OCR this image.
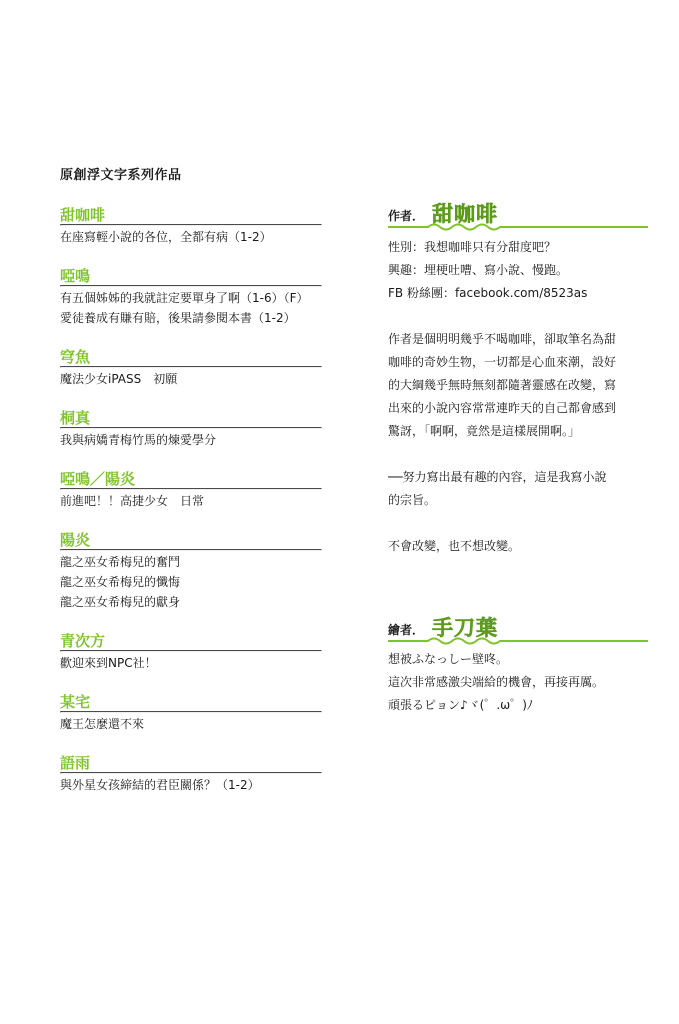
原創浮文字系列作品
甜咖啡
在座寫輕小說的各位，全都有病（1-2）
啞鳴
有五個姊姊的我就註定要單身了啊（1-6）（F）
愛徒養成有賺有賠，後果請參閱本書（1-2）
穹魚
魔法少女iPASS　初願
桐真
我與病嬌青梅竹馬的煉愛學分
啞鳴／陽炎
前進吧！！高捷少女　日常
陽炎
龍之巫女希梅兒的奮鬥
龍之巫女希梅兒的懺悔
龍之巫女希梅兒的獻身
青次方
歡迎來到NPC社！
某宅
魔王怎麼還不來
語雨
與外星女孩締結的君臣關係？（1-2）
作者． 甜咖啡
性別：我想咖啡只有分甜度吧？
興趣：埋梗吐嘈、寫小說、慢跑。
FB 粉絲團：facebook.com/8523as
作者是個明明幾乎不喝咖啡，卻取筆名為甜
咖啡的奇妙生物，一切都是心血來潮，設好
的大綱幾乎無時無刻都隨著靈感在改變，寫
出來的小說內容常常連昨天的自己都會感到
驚訝，「啊啊，竟然是這樣展開啊。」
──努力寫出最有趣的內容，這是我寫小說
的宗旨。
不會改變，也不想改變。
繪者． 手刀葉
想被ふなっしー壁咚。
這次非常感激尖端給的機會，再接再厲。
頑張るピョン♪ヾ(゜.ω゜)ﾉ
